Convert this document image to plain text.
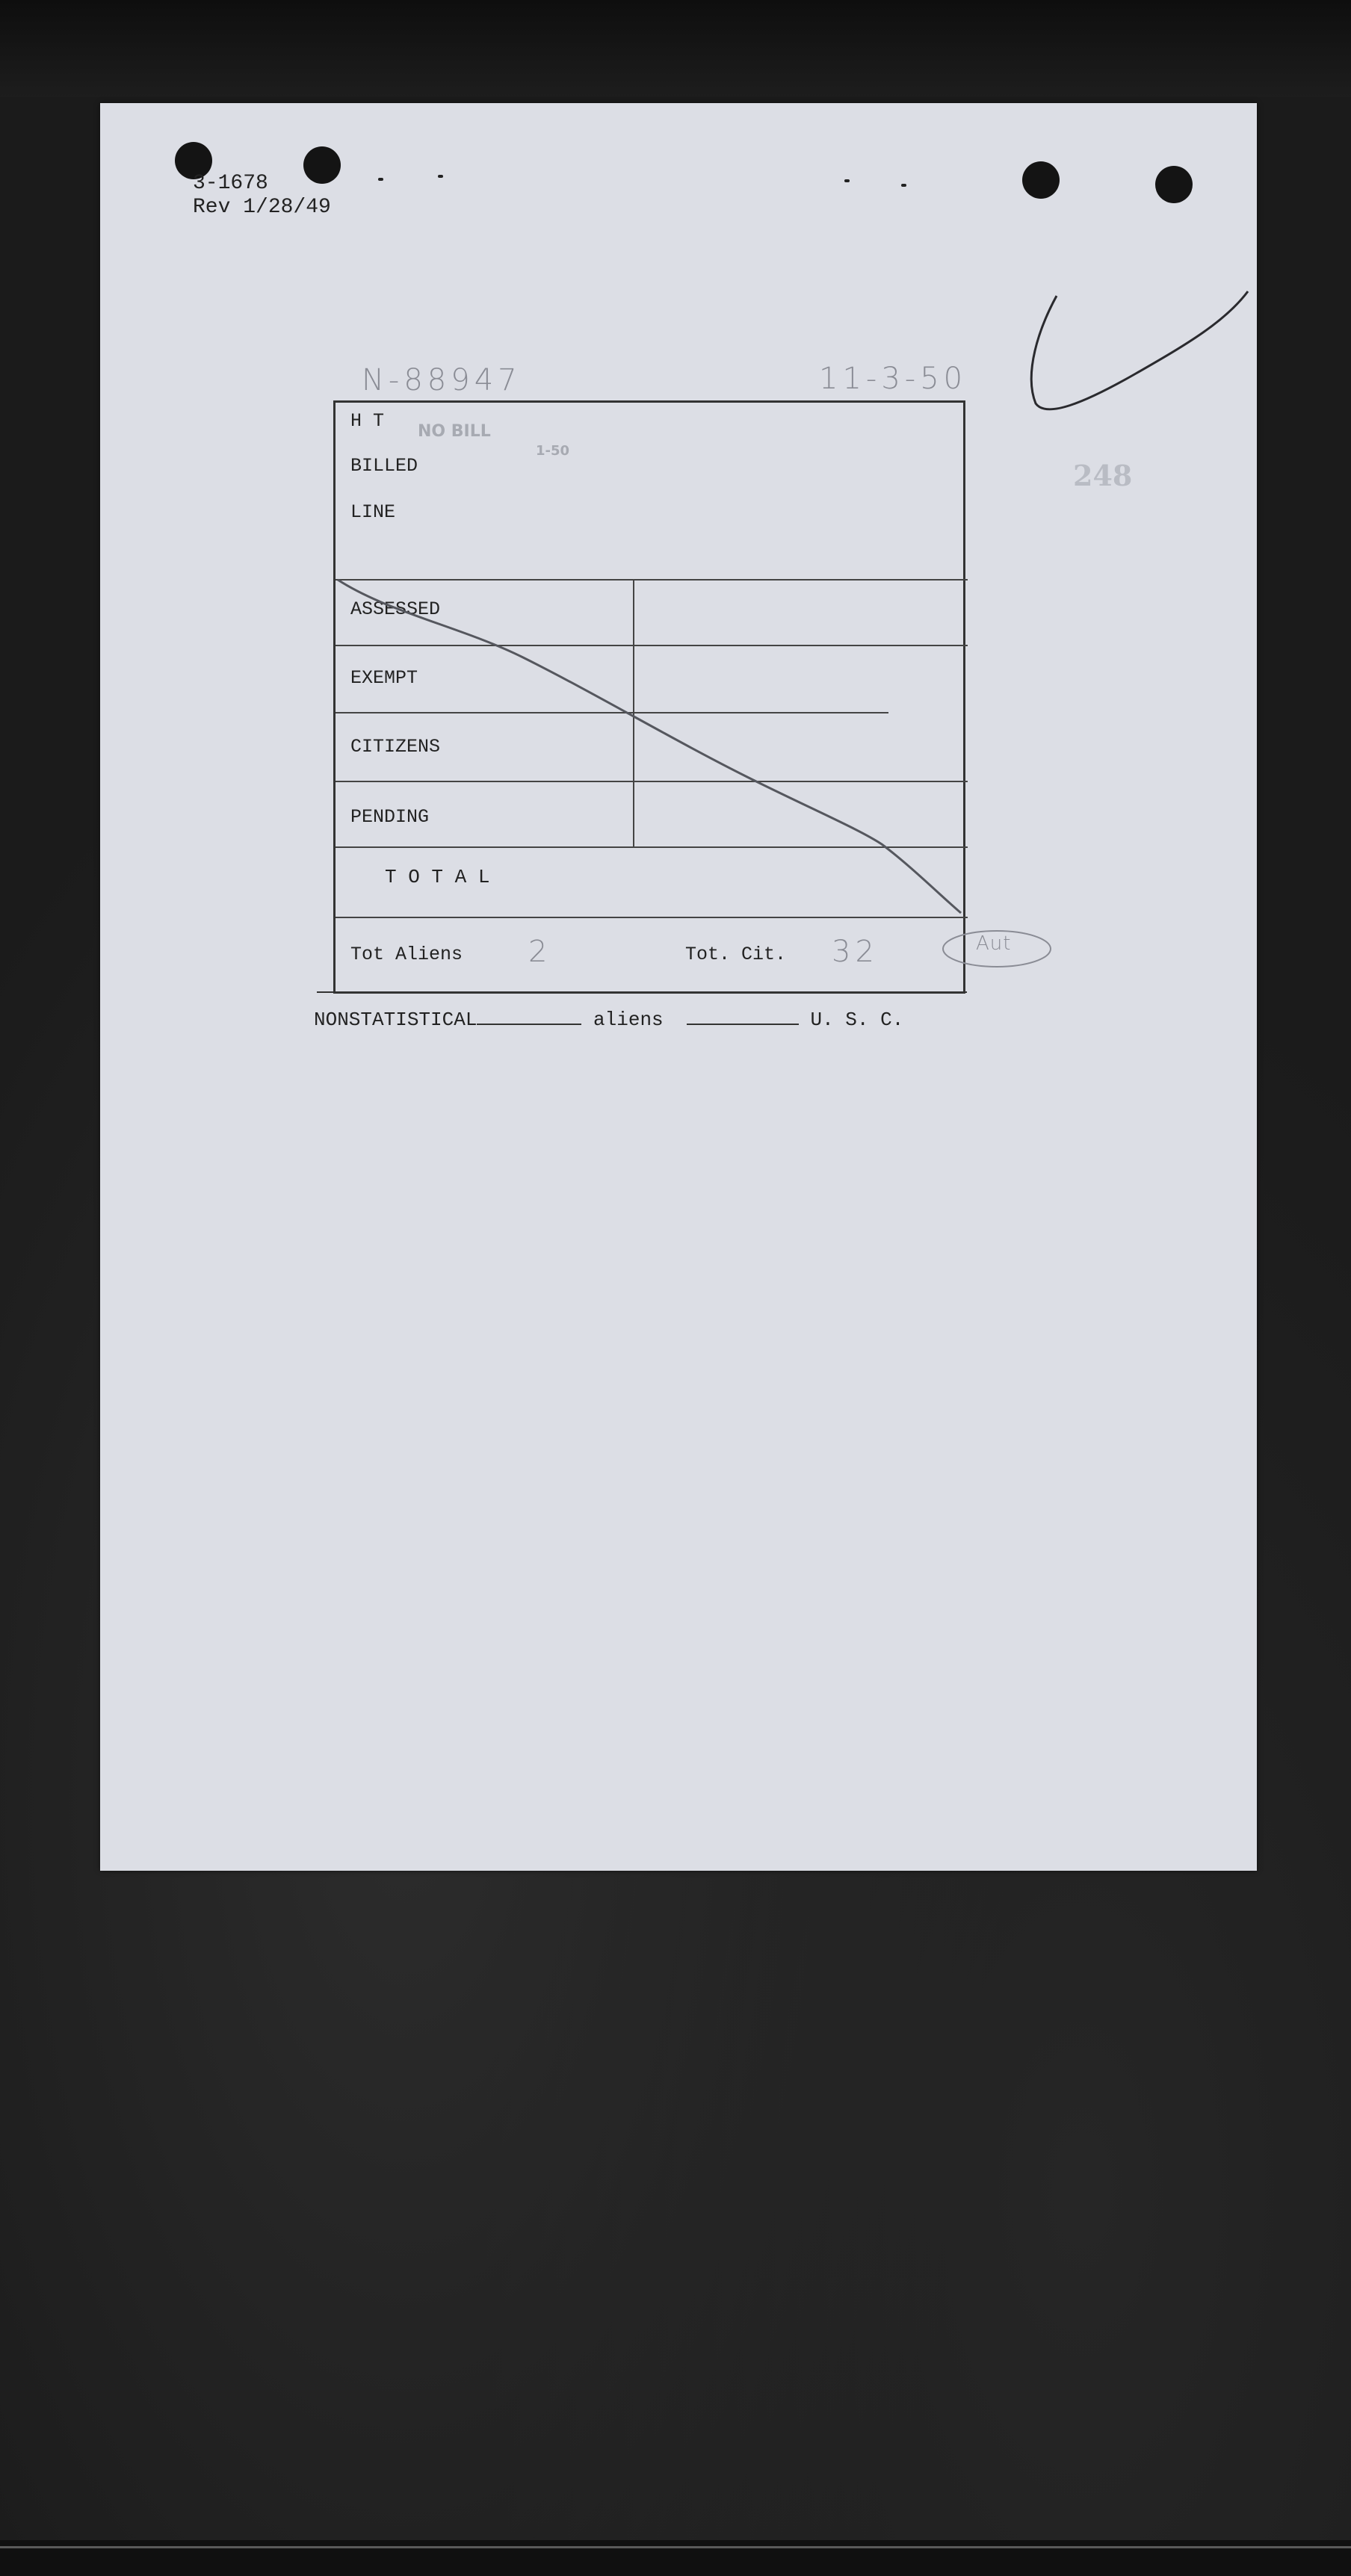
3-1678
Rev 1/28/49
N-88947	11-3-50
248
H T
BILLED
LINE
NO BILL
1-50
ASSESSED
EXEMPT
CITIZENS
PENDING
T O T A L
Tot Aliens 2	Tot. Cit. 32	Aut
NONSTATISTICAL	aliens	U. S. C.
